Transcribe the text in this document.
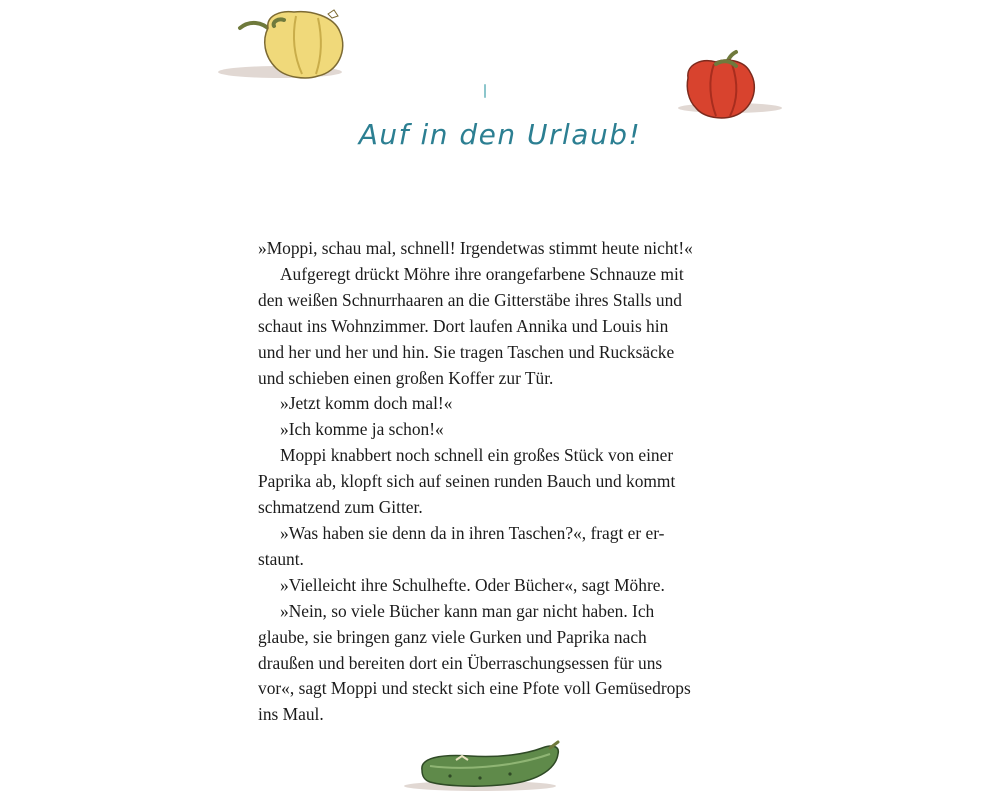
Auf in den Urlaub!
»Moppi, schau mal, schnell! Irgendetwas stimmt heute nicht!«
Aufgeregt drückt Möhre ihre orangefarbene Schnauze mit
den weißen Schnurrhaaren an die Gitterstäbe ihres Stalls und
schaut ins Wohnzimmer. Dort laufen Annika und Louis hin
und her und her und hin. Sie tragen Taschen und Rucksäcke
und schieben einen großen Koffer zur Tür.
»Jetzt komm doch mal!«
»Ich komme ja schon!«
Moppi knabbert noch schnell ein großes Stück von einer
Paprika ab, klopft sich auf seinen runden Bauch und kommt
schmatzend zum Gitter.
»Was haben sie denn da in ihren Taschen?«, fragt er er-
staunt.
»Vielleicht ihre Schulhefte. Oder Bücher«, sagt Möhre.
»Nein, so viele Bücher kann man gar nicht haben. Ich
glaube, sie bringen ganz viele Gurken und Paprika nach
draußen und bereiten dort ein Überraschungsessen für uns
vor«, sagt Moppi und steckt sich eine Pfote voll Gemüsedrops
ins Maul.
